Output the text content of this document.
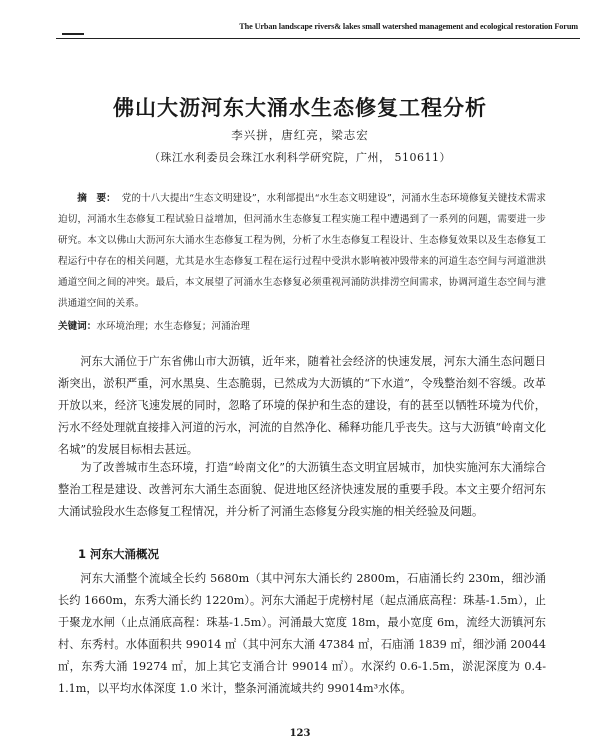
The Urban landscape rivers& lakes small watershed management and ecological restoration Forum
佛山大沥河东大涌水生态修复工程分析
李兴拼，唐红亮，梁志宏
（珠江水利委员会珠江水利科学研究院，广州， 510611）
摘　要： 党的十八大提出“生态文明建设”，水利部提出“水生态文明建设”，河涌水生态环境修复关键技术需求迫切，河涌水生态修复工程试验日益增加，但河涌水生态修复工程实施工程中遭遇到了一系列的问题，需要进一步研究。本文以佛山大沥河东大涌水生态修复工程为例，分析了水生态修复工程设计、生态修复效果以及生态修复工程运行中存在的相关问题，尤其是水生态修复工程在运行过程中受洪水影响被冲毁带来的河道生态空间与河道泄洪通道空间之间的冲突。最后，本文展望了河涌水生态修复必须重视河涌防洪排涝空间需求，协调河道生态空间与泄洪通道空间的关系。
关键词：水环境治理；水生态修复；河涌治理

河东大涌位于广东省佛山市大沥镇，近年来，随着社会经济的快速发展，河东大涌生态问题日渐突出，淤积严重，河水黑臭、生态脆弱，已然成为大沥镇的“下水道”，令残整治刻不容缓。改革开放以来，经济飞速发展的同时，忽略了环境的保护和生态的建设，有的甚至以牺牲环境为代价，污水不经处理就直接排入河道的污水，河流的自然净化、稀释功能几乎丧失。这与大沥镇“岭南文化名城”的发展目标相去甚远。

为了改善城市生态环境，打造“岭南文化”的大沥镇生态文明宜居城市，加快实施河东大涌综合整治工程是建设、改善河东大涌生态面貌、促进地区经济快速发展的重要手段。本文主要介绍河东大涌试验段水生态修复工程情况，并分析了河涌生态修复分段实施的相关经验及问题。

1 河东大涌概况

河东大涌整个流域全长约 5680m（其中河东大涌长约 2800m，石庙涌长约 230m，细沙涌长约 1660m，东秀大涌长约 1220m）。河东大涌起于虎榜村尾（起点涌底高程：珠基-1.5m），止于聚龙水闸（止点涌底高程：珠基-1.5m）。河涌最大宽度 18m，最小宽度 6m，流经大沥镇河东村、东秀村。水体面积共 99014 ㎡（其中河东大涌 47384 ㎡，石庙涌 1839 ㎡，细沙涌 20044 ㎡，东秀大涌 19274 ㎡，加上其它支涌合计 99014 ㎡）。水深约 0.6-1.5m，淤泥深度为 0.4-1.1m，以平均水体深度 1.0 米计，整条河涌流域共约 99014m³水体。

123
